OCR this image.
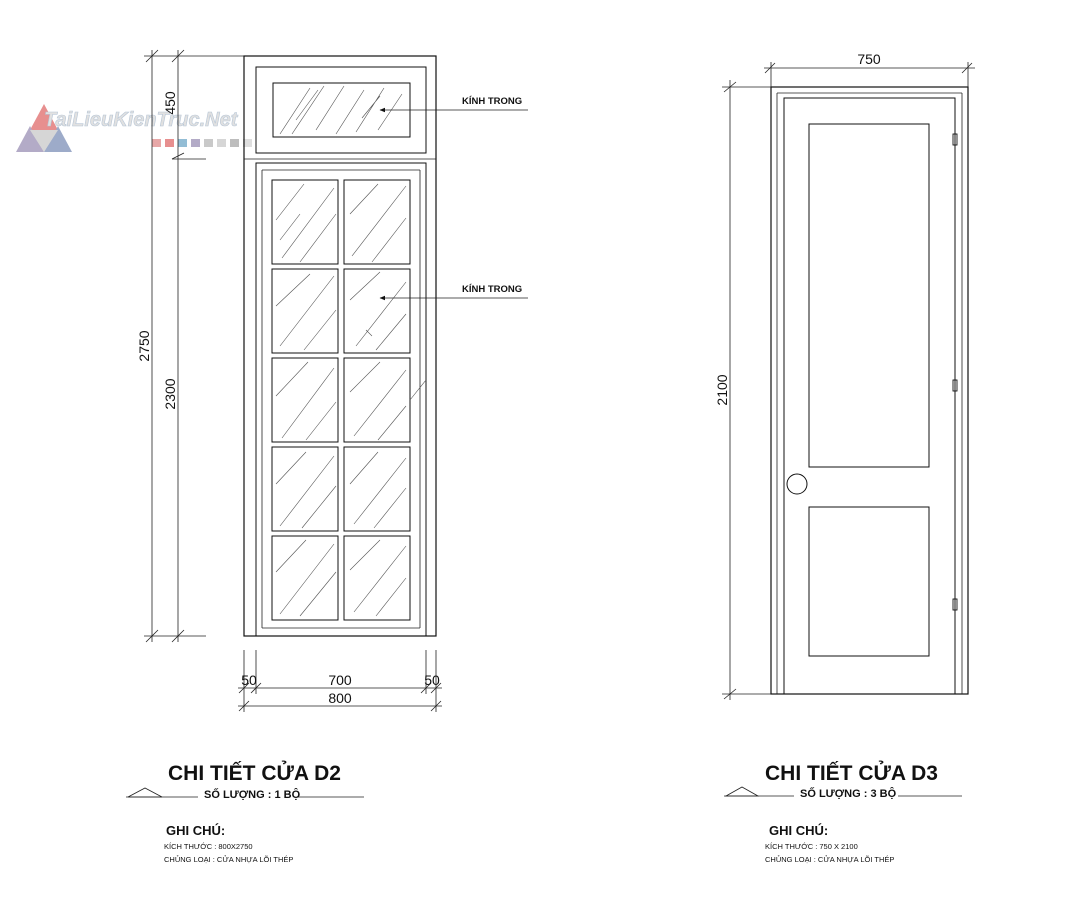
TaiLieuKienTruc.Net
KÍNH TRONG
KÍNH TRONG
2750
450
2300
50	700	50
800
CHI TIẾT CỬA D2
SỐ LƯỢNG : 1 BỘ
GHI CHÚ:
KÍCH THƯỚC : 800X2750
CHỦNG LOẠI : CỬA NHỰA LÕI THÉP
750
2100
CHI TIẾT CỬA D3
SỐ LƯỢNG : 3 BỘ
GHI CHÚ:
KÍCH THƯỚC : 750 X 2100
CHỦNG LOẠI : CỬA NHỰA LÕI THÉP
